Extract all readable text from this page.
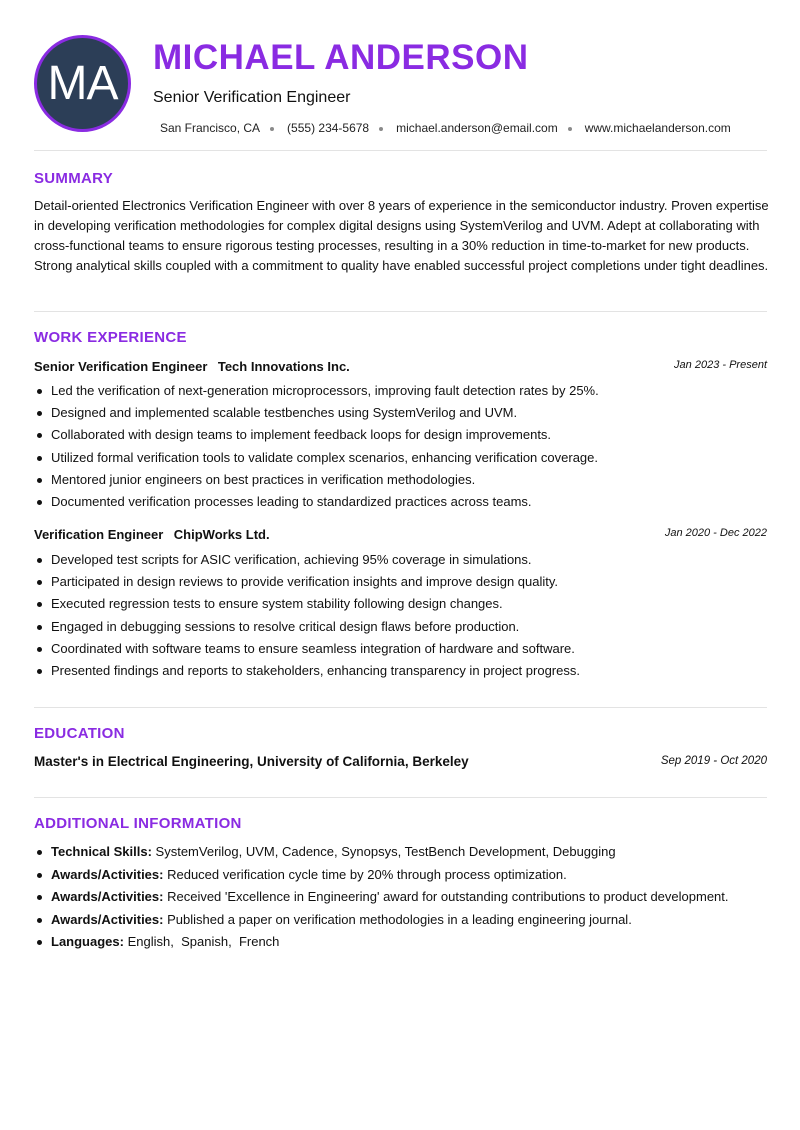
MA MICHAEL ANDERSON
Senior Verification Engineer
San Francisco, CA (555) 234-5678 michael.anderson@email.com www.michaelanderson.com
SUMMARY

Detail-oriented Electronics Verification Engineer with over 8 years of experience in the semiconductor industry. Proven expertise in developing verification methodologies for complex digital designs using SystemVerilog and UVM. Adept at collaborating with cross-functional teams to ensure rigorous testing processes, resulting in a 30% reduction in time-to-market for new products. Strong analytical skills coupled with a commitment to quality have enabled successful project completions under tight deadlines.

WORK EXPERIENCE
Senior Verification Engineer Tech Innovations Inc.	Jan 2023 - Present
Led the verification of next-generation microprocessors, improving fault detection rates by 25%.
Designed and implemented scalable testbenches using SystemVerilog and UVM.
Collaborated with design teams to implement feedback loops for design improvements.
Utilized formal verification tools to validate complex scenarios, enhancing verification coverage.
Mentored junior engineers on best practices in verification methodologies.
Documented verification processes leading to standardized practices across teams.
Verification Engineer ChipWorks Ltd.	Jan 2020 - Dec 2022
Developed test scripts for ASIC verification, achieving 95% coverage in simulations.
Participated in design reviews to provide verification insights and improve design quality.
Executed regression tests to ensure system stability following design changes.
Engaged in debugging sessions to resolve critical design flaws before production.
Coordinated with software teams to ensure seamless integration of hardware and software.
Presented findings and reports to stakeholders, enhancing transparency in project progress.
EDUCATION
Master's in Electrical Engineering, University of California, Berkeley	Sep 2019 - Oct 2020
ADDITIONAL INFORMATION
Technical Skills: SystemVerilog, UVM, Cadence, Synopsys, TestBench Development, Debugging
Awards/Activities: Reduced verification cycle time by 20% through process optimization.
Awards/Activities: Received 'Excellence in Engineering' award for outstanding contributions to product development.
Awards/Activities: Published a paper on verification methodologies in a leading engineering journal.
Languages: English,  Spanish,  French
